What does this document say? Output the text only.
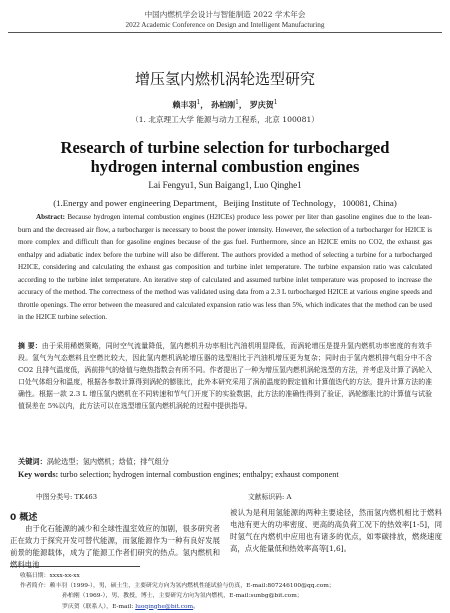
中国内燃机学会设计与智能制造 2022 学术年会
2022 Academic Conference on Design and Intelligent Manufacturing
增压氢内燃机涡轮选型研究
赖丰羽$^1$， 孙柏刚$^1$， 罗庆贺$^1$
（1. 北京理工大学 能源与动力工程系，北京 100081）
Research of turbine selection for turbocharged hydrogen internal combustion engines
Lai Fengyu1, Sun Baigang1, Luo Qinghe1
(1.Energy and power engineering Department，Beijing Institute of Technology，100081, China)
Abstract: Because hydrogen internal combustion engines (H2ICEs) produce less power per liter than gasoline engines due to the lean-burn and the decreased air flow, a turbocharger is necessary to boost the power intensity. However, the selection of a turbocharger for H2ICE is more complex and difficult than for gasoline engines because of the gas fuel. Furthermore, since an H2ICE emits no CO2, the exhaust gas enthalpy and adiabatic index before the turbine will also be different. The authors provided a method of selecting a turbine for a turbocharged H2ICE, considering and calculating the exhaust gas composition and turbine inlet temperature. The turbine expansion ratio was calculated according to the turbine inlet temperature. An iterative step of calculated and assumed turbine inlet temperature was proposed to increase the accuracy of the method. The correctness of the method was validated using data from a 2.3 L turbocharged H2ICE at various engine speeds and throttle openings. The error between the measured and calculated expansion ratio was less than 5%, which indicates that the method can be used in the H2ICE turbine selection.
摘 要：由于采用稀燃策略，同时空气流量降低，氢内燃机升功率相比汽油机明显降低，而涡轮增压是提升氢内燃机功率密度的有效手段。氢气为气态燃料且空燃比较大，因此氢内燃机涡轮增压器的选型相比于汽油机增压更为复杂；同时由于氢内燃机排气组分中不含 CO2 且排气温度低，涡前排气的焓值与绝热指数会有所不同。作者提出了一种为增压氢内燃机涡轮选型的方法，并考虑及计算了涡轮入口处气体组分和温度，根据各参数计算得到涡轮的膨胀比，此外本研究采用了涡前温度的假定值和计算值迭代的方法，提升计算方法的准确性。根据一款 2.3 L 增压氢内燃机在不同转速和节气门开度下的实验数据，此方法的准确性得到了验证，涡轮膨胀比的计算值与试验值误差在 5%以内，此方法可以在选型增压氢内燃机涡轮的过程中提供指导。
关键词：涡轮选型；氢内燃机；焓值；排气组分
Key words: turbo selection; hydrogen internal combustion engines; enthalpy; exhaust component
中图分类号: TK463	文献标识码: A
0 概述
由于化石能源的减少和全球性温室效应的加剧，很多研究者正在致力于探究开发可替代能源，而氢能源作为一种有良好发展前景的能源载体，成为了能源工作者们研究的热点。氢内燃机和燃料电池
被认为是利用氢能源的两种主要途径，然而氢内燃机相比于燃料电池有更大的功率密度、更高的高负荷工况下的热效率[1-5]，同时氢气在内燃机中应用也有诸多的优点，如零碳排放，燃烧速度高，点火能量低和热效率高等[1,6]。
收稿日期：xxxx-xx-xx
作者简介：赖丰羽（1999-），男，硕士生，主要研究方向为氢内燃机性能试验与仿真，E-mail:807246100@qq.com；
孙柏刚（1969-），男，教授，博士，主要研究方向为氢内燃机，E-mail:sunbg@bit.com；
罗庆贺（联系人），E-mail: luoqinghe@bit.com。
